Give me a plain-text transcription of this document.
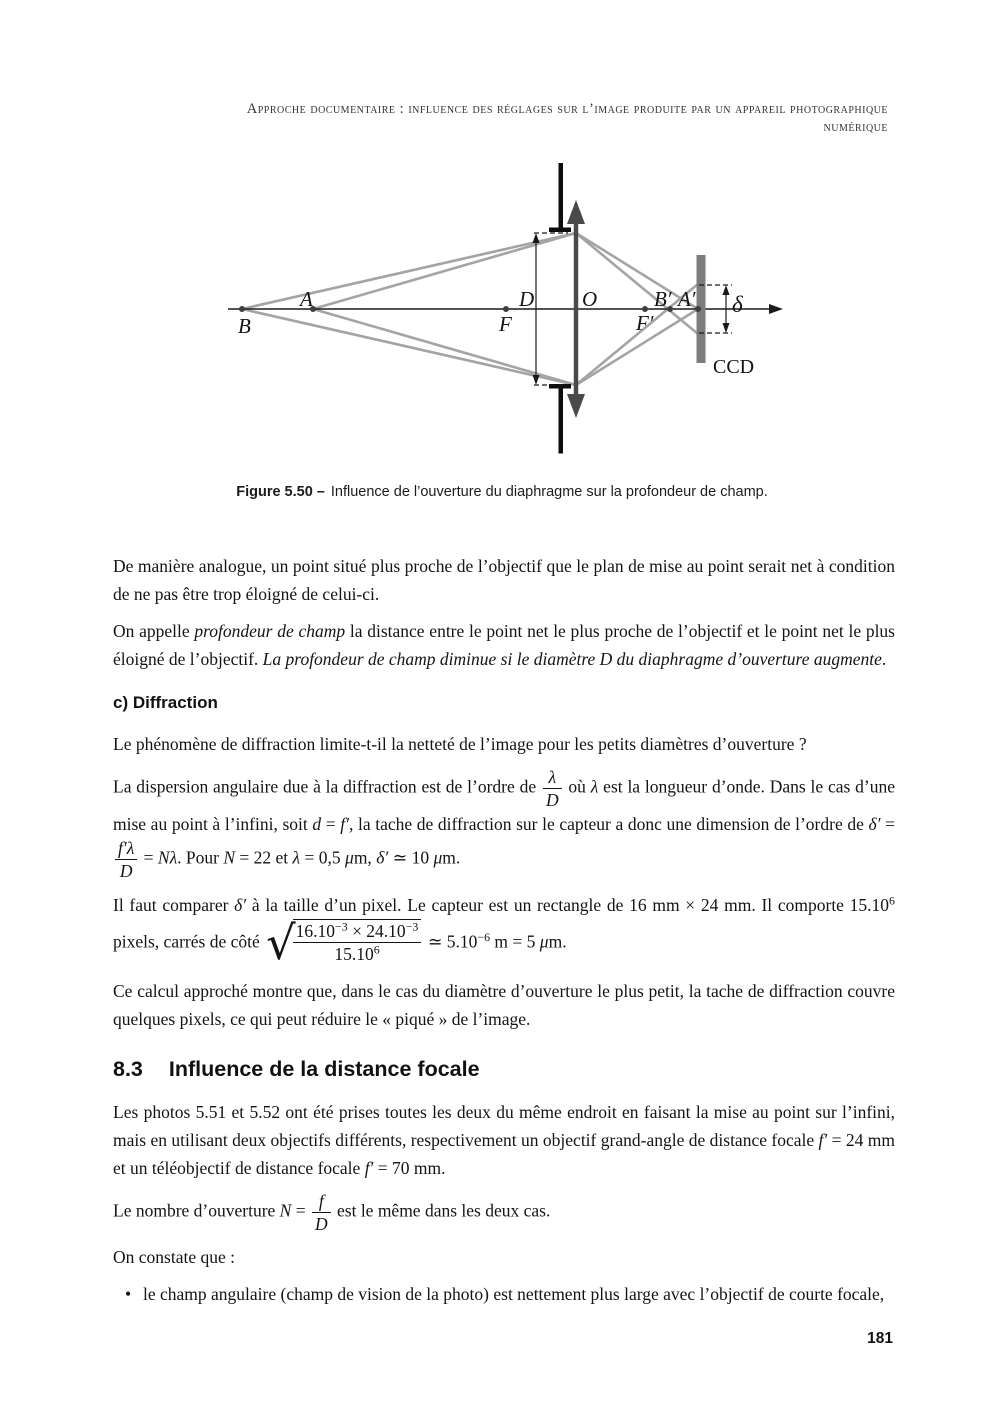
Approche documentaire : influence des réglages sur l’image produite par un appareil photographique
numérique
B
A
F
D O
F′
B′ A′ δ
CCD
Figure 5.50 – Influence de l’ouverture du diaphragme sur la profondeur de champ.

De manière analogue, un point situé plus proche de l’objectif que le plan de mise au point serait net à condition de ne pas être trop éloigné de celui-ci.

On appelle profondeur de champ la distance entre le point net le plus proche de l’objectif et le point net le plus éloigné de l’objectif. La profondeur de champ diminue si le diamètre D du diaphragme d’ouverture augmente.

c) Diffraction

Le phénomène de diffraction limite-t-il la netteté de l’image pour les petits diamètres d’ouverture ?

La dispersion angulaire due à la diffraction est de l’ordre de $\frac{\lambda}{D}$ où λ est la longueur d’onde. Dans le cas d’une mise au point à l’infini, soit d = f′, la tache de diffraction sur le capteur a donc une dimension de l’ordre de δ′ =
$\frac{f'\lambda}{D} = N\lambda$. Pour N = 22 et λ = 0,5 μm, δ′ ≃ 10 μm.

Il faut comparer δ′ à la taille d’un pixel. Le capteur est un rectangle de 16 mm × 24 mm. Il comporte 15.10$^6$ pixels, carrés de côté √
$\frac{16.10^{-3} \times 24.10^{-3}}{15.10^6}$ ≃ $5.10^{-6}$ m = 5 μm.

Ce calcul approché montre que, dans le cas du diamètre d’ouverture le plus petit, la tache de diffraction couvre quelques pixels, ce qui peut réduire le « piqué » de l’image.

8.3 Influence de la distance focale

Les photos 5.51 et 5.52 ont été prises toutes les deux du même endroit en faisant la mise au point sur l’infini, mais en utilisant deux objectifs différents, respectivement un objectif grand-angle de distance focale f′ = 24 mm et un téléobjectif de distance focale f′ = 70 mm.

Le nombre d’ouverture $N = \frac{f}{D}$ est le même dans les deux cas.

On constate que :

• le champ angulaire (champ de vision de la photo) est nettement plus large avec l’objectif de courte focale,
181
